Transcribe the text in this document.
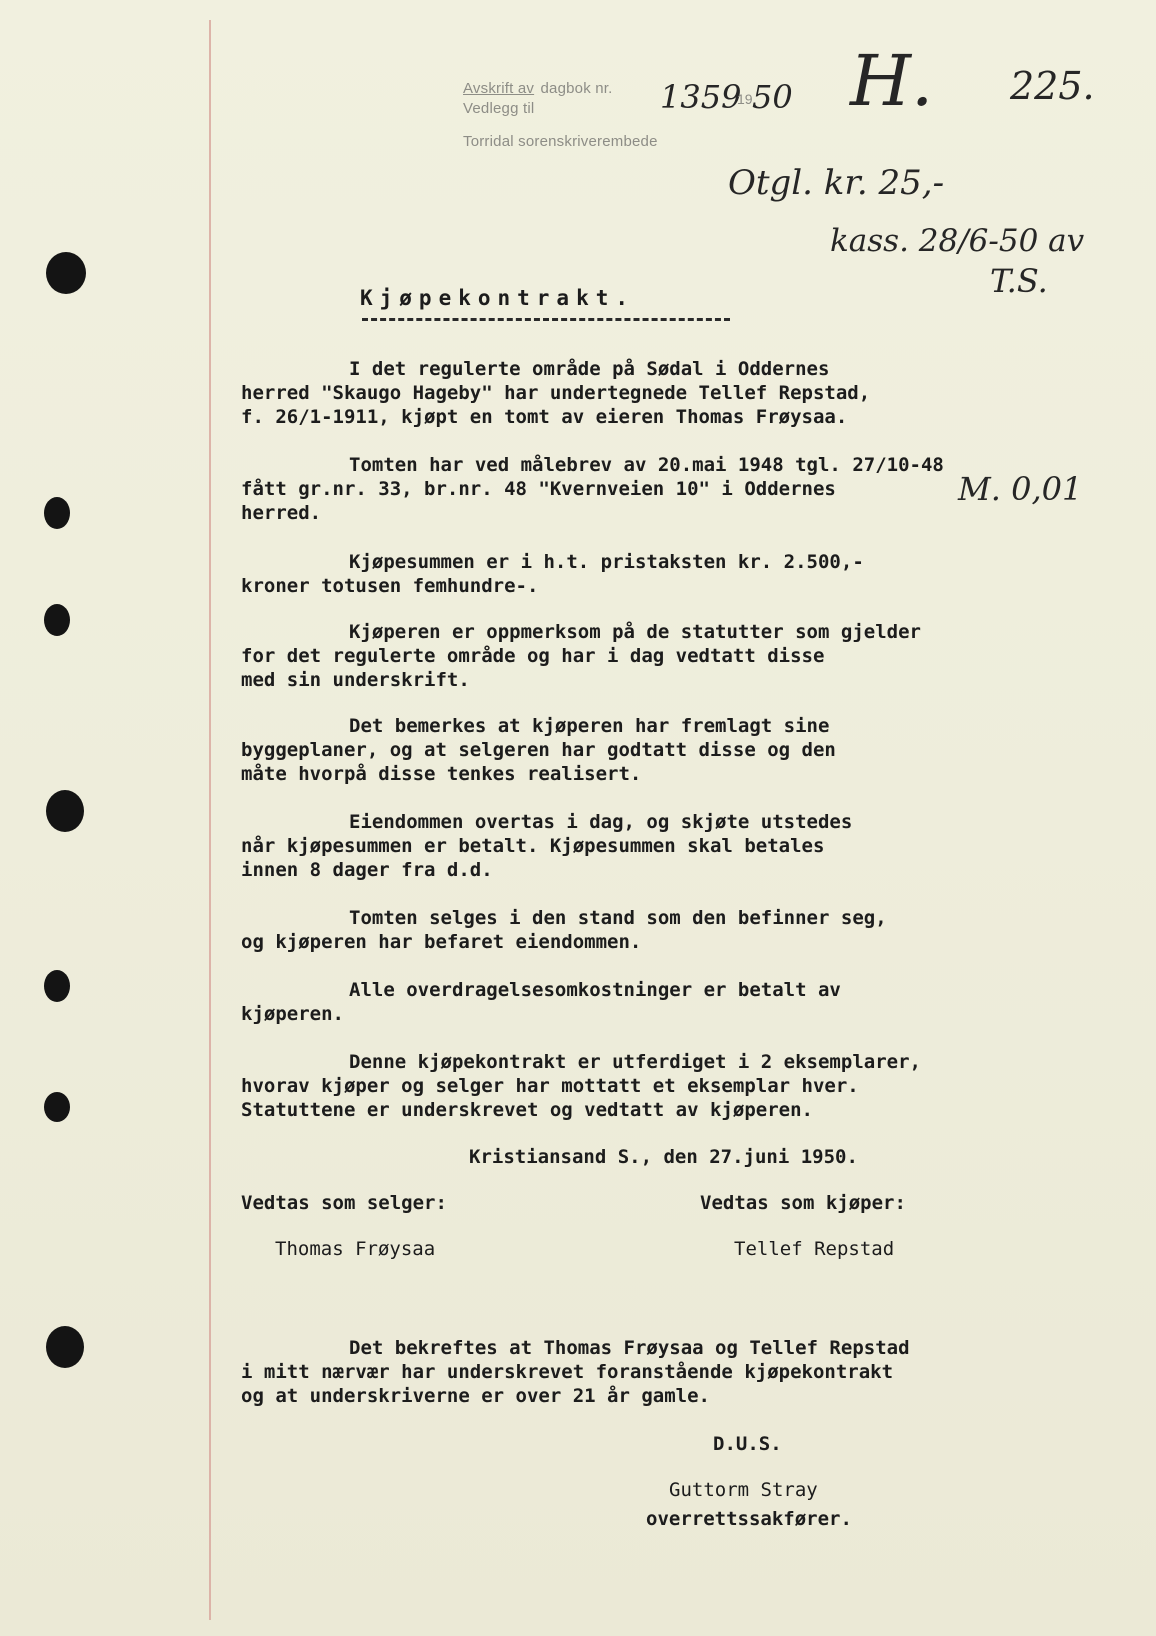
Avskrift av dagbok nr.
Vedlegg til
Torridal sorenskriverembede
1359
19 50 H. 225.
Otgl. kr. 25,-
kass. 28/6-50 av
T.S.
M. 0,01
Kjøpekontrakt.
I det regulerte område på Sødal i Oddernes
herred "Skaugo Hageby" har undertegnede Tellef Repstad,
f. 26/1-1911, kjøpt en tomt av eieren Thomas Frøysaa.
Tomten har ved målebrev av 20.mai 1948 tgl. 27/10-48
fått gr.nr. 33, br.nr. 48 "Kvernveien 10" i Oddernes
herred.
Kjøpesummen er i h.t. pristaksten kr. 2.500,-
kroner totusen femhundre-.
Kjøperen er oppmerksom på de statutter som gjelder
for det regulerte område og har i dag vedtatt disse
med sin underskrift.
Det bemerkes at kjøperen har fremlagt sine
byggeplaner, og at selgeren har godtatt disse og den
måte hvorpå disse tenkes realisert.
Eiendommen overtas i dag, og skjøte utstedes
når kjøpesummen er betalt. Kjøpesummen skal betales
innen 8 dager fra d.d.
Tomten selges i den stand som den befinner seg,
og kjøperen har befaret eiendommen.
Alle overdragelsesomkostninger er betalt av
kjøperen.
Denne kjøpekontrakt er utferdiget i 2 eksemplarer,
hvorav kjøper og selger har mottatt et eksemplar hver.
Statuttene er underskrevet og vedtatt av kjøperen.
Kristiansand S., den 27.juni 1950.
Vedtas som selger:	Vedtas som kjøper:
Thomas Frøysaa	Tellef Repstad
Det bekreftes at Thomas Frøysaa og Tellef Repstad
i mitt nærvær har underskrevet foranstående kjøpekontrakt
og at underskriverne er over 21 år gamle.
D.U.S.
Guttorm Stray
overrettssakfører.
